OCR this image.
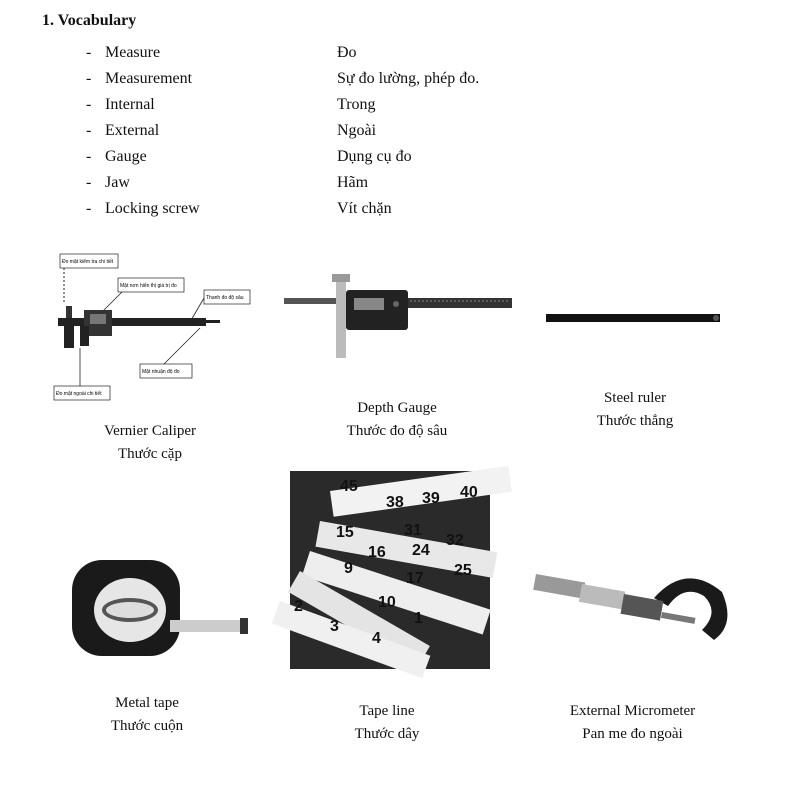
1. Vocabulary
- Measure	Đo
- Measurement	Sự đo lường, phép đo.
- Internal	Trong
- External	Ngoài
- Gauge	Dụng cụ đo
- Jaw	Hãm
- Locking screw	Vít chặn
Đo mặt kiểm tra chi tiết
Mặt nơn hiển thị giá trị đo
Thanh đo độ sâu
Mặt nhuận độ đo
Đo mặt ngoài chi tiết
38 39 40
31
32
15
16 24
25
9
17
10
2
3
4
1
45
Vernier Caliper
Thước cặp
Depth Gauge
Thước đo độ sâu
Steel ruler
Thước thẳng
Metal tape
Thước cuộn
Tape line
Thước dây
External Micrometer
Pan me đo ngoài
